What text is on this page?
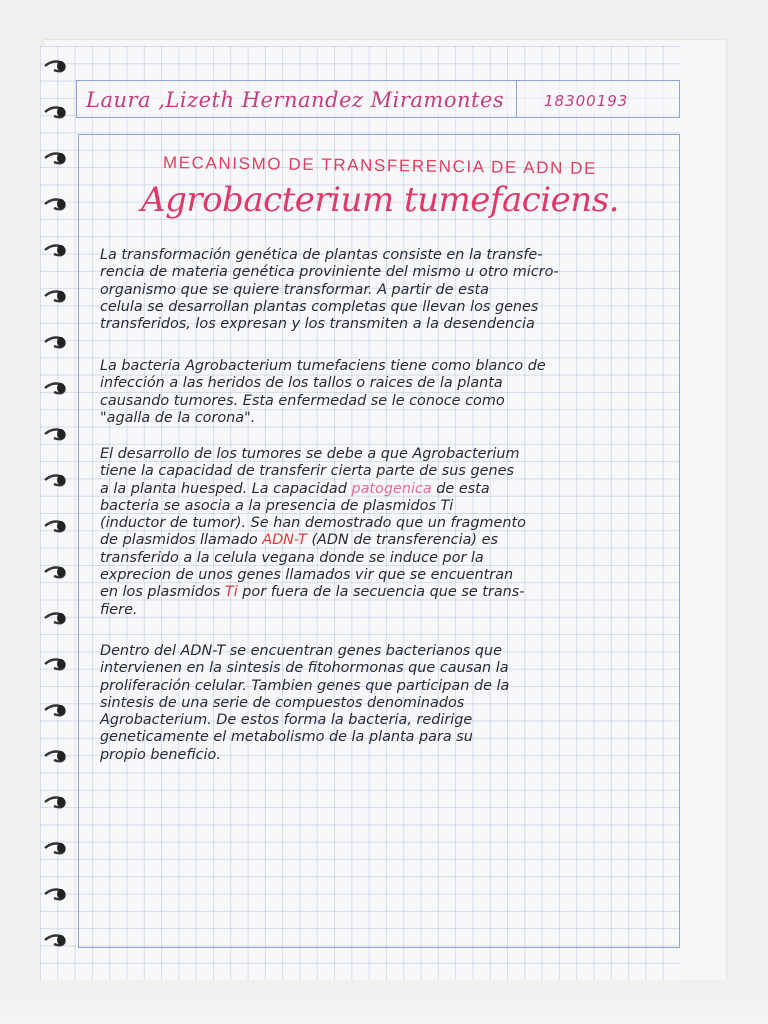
Laura ,Lizeth Hernandez Miramontes	18300193
MECANISMO DE TRANSFERENCIA DE ADN DE
Agrobacterium tumefaciens.
La transformación genética de plantas consiste en la transfe-
rencia de materia genética proviniente del mismo u otro micro-
organismo que se quiere transformar. A partir de esta
celula se desarrollan plantas completas que llevan los genes
transferidos, los expresan y los transmiten a la desendencia
La bacteria Agrobacterium tumefaciens tiene como blanco de
infección a las heridos de los tallos o raices de la planta
causando tumores. Esta enfermedad se le conoce como
"agalla de la corona".
El desarrollo de los tumores se debe a que Agrobacterium
tiene la capacidad de transferir cierta parte de sus genes
a la planta huesped. La capacidad patogenica de esta
bacteria se asocia a la presencia de plasmidos Ti
(inductor de tumor). Se han demostrado que un fragmento
de plasmidos llamado ADN-T (ADN de transferencia) es
transferido a la celula vegana donde se induce por la
exprecion de unos genes llamados vir que se encuentran
en los plasmidos Ti por fuera de la secuencia que se trans-
fiere.
Dentro del ADN-T se encuentran genes bacterianos que
intervienen en la sintesis de fitohormonas que causan la
proliferación celular. Tambien genes que participan de la
sintesis de una serie de compuestos denominados
Agrobacterium. De estos forma la bacteria, redirige
geneticamente el metabolismo de la planta para su
propio beneficio.
